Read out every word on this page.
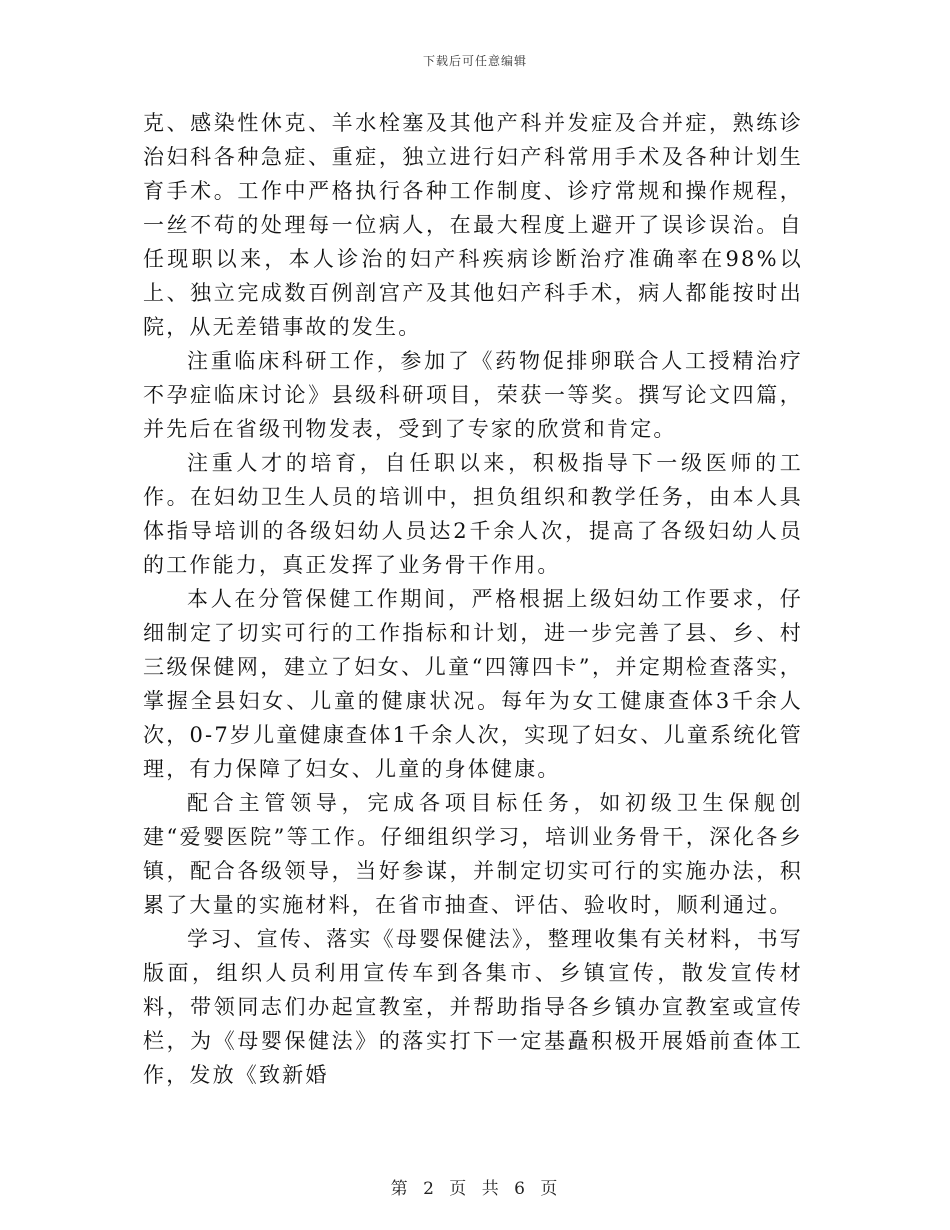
下载后可任意编辑

克、感染性休克、羊水栓塞及其他产科并发症及合并症，熟练诊治妇科各种急症、重症，独立进行妇产科常用手术及各种计划生育手术。工作中严格执行各种工作制度、诊疗常规和操作规程，一丝不苟的处理每一位病人，在最大程度上避开了误诊误治。自任现职以来，本人诊治的妇产科疾病诊断治疗准确率在98%以上、独立完成数百例剖宫产及其他妇产科手术，病人都能按时出院，从无差错事故的发生。

注重临床科研工作，参加了《药物促排卵联合人工授精治疗不孕症临床讨论》县级科研项目，荣获一等奖。撰写论文四篇，并先后在省级刊物发表，受到了专家的欣赏和肯定。

注重人才的培育，自任职以来，积极指导下一级医师的工作。在妇幼卫生人员的培训中，担负组织和教学任务，由本人具体指导培训的各级妇幼人员达2千余人次，提高了各级妇幼人员的工作能力，真正发挥了业务骨干作用。

本人在分管保健工作期间，严格根据上级妇幼工作要求，仔细制定了切实可行的工作指标和计划，进一步完善了县、乡、村三级保健网，建立了妇女、儿童“四簿四卡”，并定期检查落实，掌握全县妇女、儿童的健康状况。每年为女工健康查体3千余人次，0-7岁儿童健康查体1千余人次，实现了妇女、儿童系统化管理，有力保障了妇女、儿童的身体健康。

配合主管领导，完成各项目标任务，如初级卫生保舰创建“爱婴医院”等工作。仔细组织学习，培训业务骨干，深化各乡镇，配合各级领导，当好参谋，并制定切实可行的实施办法，积累了大量的实施材料，在省市抽查、评估、验收时，顺利通过。

学习、宣传、落实《母婴保健法》，整理收集有关材料，书写版面，组织人员利用宣传车到各集市、乡镇宣传，散发宣传材料，带领同志们办起宣教室，并帮助指导各乡镇办宣教室或宣传栏，为《母婴保健法》的落实打下一定基矗积极开展婚前查体工作，发放《致新婚

第 2 页 共 6 页
